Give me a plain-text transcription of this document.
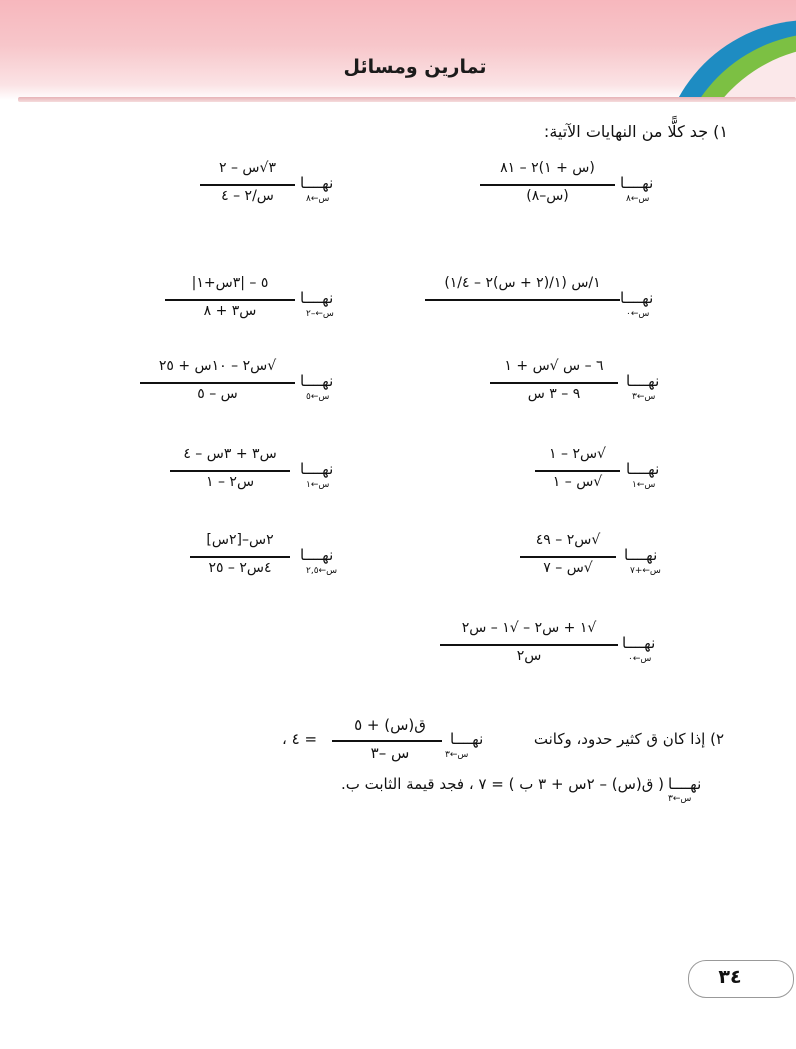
تمارين ومسائل
١) جد كلًّا من النهايات الآتية:
نهــــا
س←٨
(س + ١)٢ – ٨١
(س–٨)
نهــــا
س←٨
٣√س – ٢
س/٢ – ٤
نهــــا
س←٠
١/س (١/(٢ + س)٢ – ١/٤)
نهــــا
س←–٢
٥ – |٣س+١|
س٣ + ٨
نهــــا
س←٣
٦ – س √س + ١
٩ – ٣ س
نهــــا
س←٥
√س٢ – ١٠س + ٢٥
س – ٥
نهــــا
س←١
√س٢ – ١
√س – ١
نهــــا
س←١
س٣ + ٣س – ٤
س٢ – ١
نهــــا
س←+٧
√س٢ – ٤٩
√س – ٧
نهــــا
س←٢,٥
٢س–[٢س]
٤س٢ – ٢٥
نهــــا
س←٠
√١ + س٢ – √١ – س٢
س٢
٢) إذا كان ق كثير حدود، وكانت
نهــــا
س←٣
ق(س) + ٥
س –٣
= ٤ ،
نهــــا
س←٣
( ق(س) – ٢س + ٣ ب ) = ٧ ، فجد قيمة الثابت ب.
٣٤
